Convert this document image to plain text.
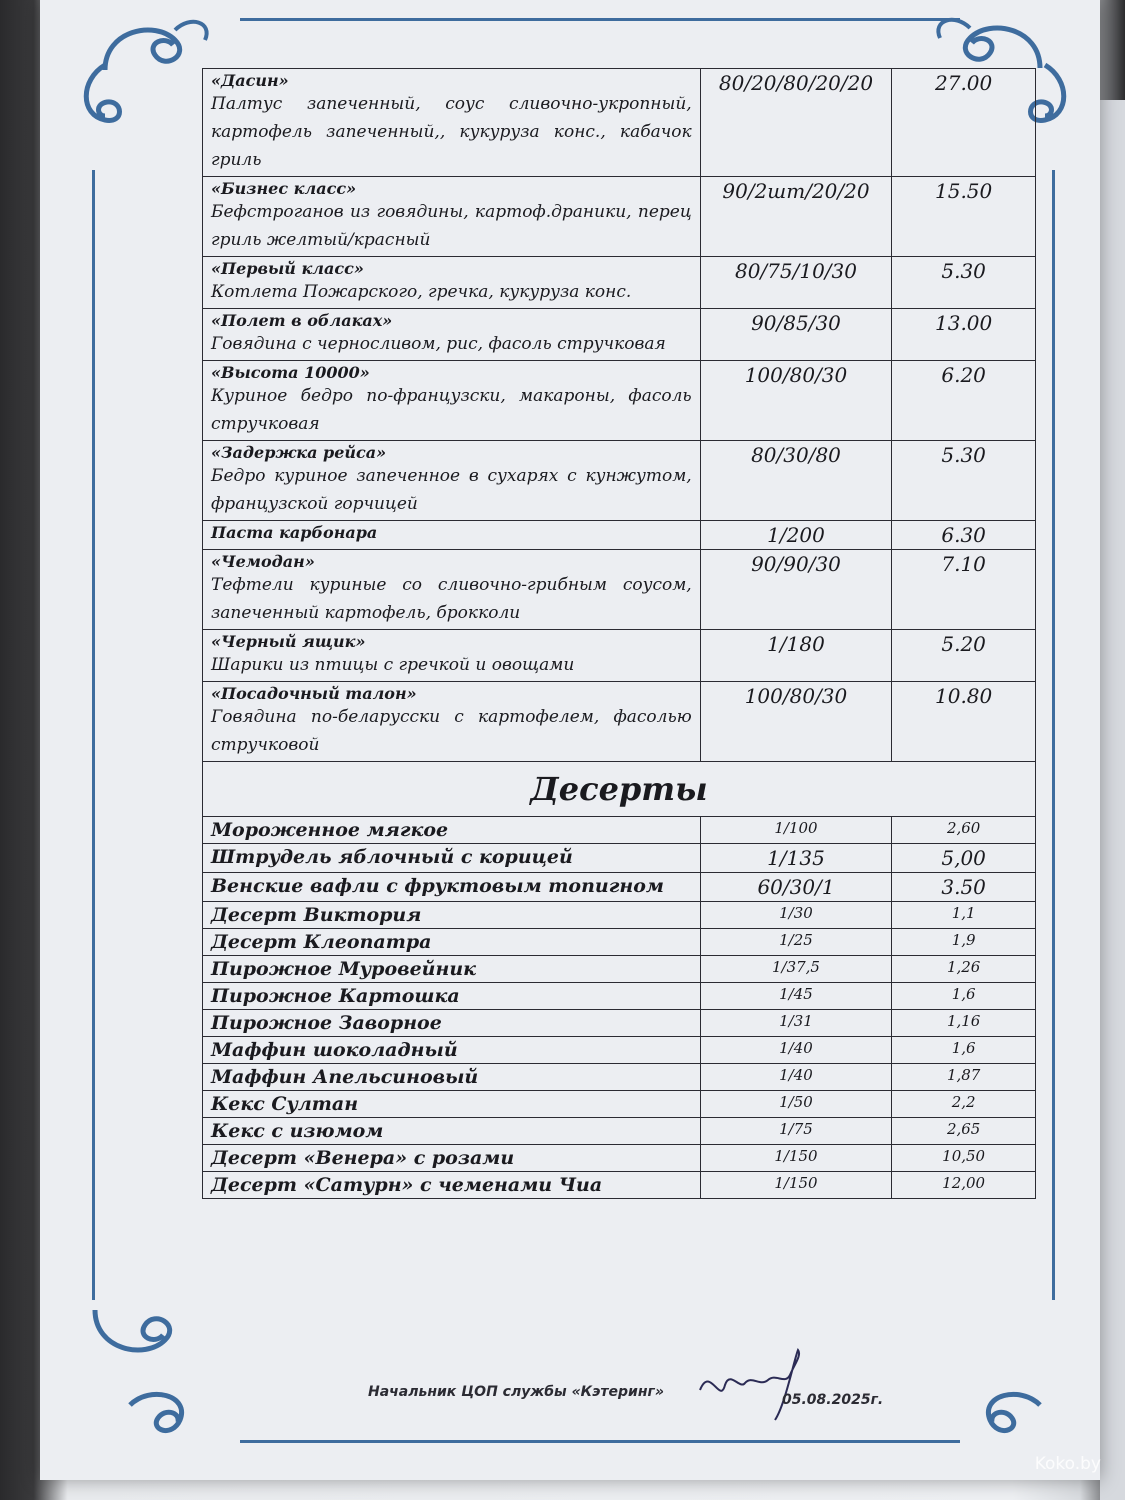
«Дасин»
Палтус запеченный, соус сливочно-укропный, картофель запеченный,, кукуруза конс., кабачок гриль	80/20/80/20/20	27.00

«Бизнес класс»
Бефстроганов из говядины, картоф.драники, перец гриль желтый/красный	90/2шт/20/20	15.50

«Первый класс»
Котлета Пожарского, гречка, кукуруза конс.	80/75/10/30	5.30

«Полет в облаках»
Говядина с черносливом, рис, фасоль стручковая	90/85/30	13.00

«Высота 10000»
Куриное бедро по-французски, макароны, фасоль стручковая	100/80/30	6.20

«Задержка рейса»
Бедро куриное запеченное в сухарях с кунжутом, французской горчицей	80/30/80	5.30

Паста карбонара	1/200	6.30

«Чемодан»
Тефтели куриные со сливочно-грибным соусом, запеченный картофель, брокколи	90/90/30	7.10

«Черный ящик»
Шарики из птицы с гречкой и овощами	1/180	5.20

«Посадочный талон»
Говядина по-беларусски с картофелем, фасолью стручковой	100/80/30	10.80
Десерты		
Мороженное мягкое	1/100	2,60
Штрудель яблочный с корицей	1/135	5,00
Венские вафли с фруктовым топигном	60/30/1	3.50
Десерт Виктория	1/30	1,1
Десерт Клеопатра	1/25	1,9
Пирожное Муровейник	1/37,5	1,26
Пирожное Картошка	1/45	1,6
Пирожное Заворное	1/31	1,16
Маффин шоколадный	1/40	1,6
Маффин Апельсиновый	1/40	1,87
Кекс Султан	1/50	2,2
Кекс с изюмом	1/75	2,65
Десерт «Венера» с розами	1/150	10,50
Десерт «Сатурн» с чеменами Чиа	1/150	12,00
Начальник ЦОП службы «Кэтеринг»	05.08.2025г.
Koko.by
